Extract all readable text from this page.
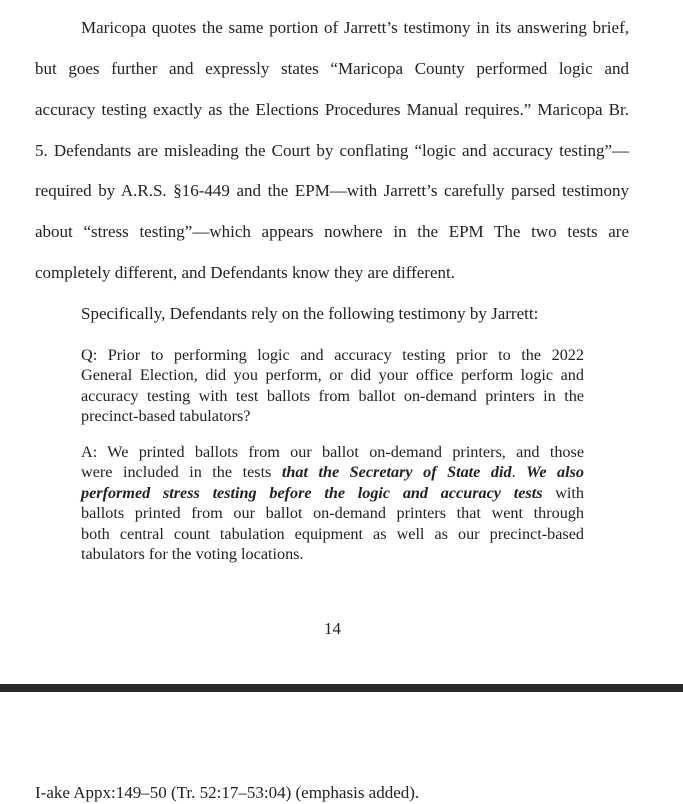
Maricopa quotes the same portion of Jarrett’s testimony in its answering brief,
but goes further and expressly states “Maricopa County performed logic and
accuracy testing exactly as the Elections Procedures Manual requires.” Maricopa Br.
5. Defendants are misleading the Court by conflating “logic and accuracy testing”—
required by A.R.S. §16-449 and the EPM—with Jarrett’s carefully parsed testimony
about “stress testing”—which appears nowhere in the EPM The two tests are
completely different, and Defendants know they are different.
Specifically, Defendants rely on the following testimony by Jarrett:
Q: Prior to performing logic and accuracy testing prior to the 2022
General Election, did you perform, or did your office perform logic and
accuracy testing with test ballots from ballot on-demand printers in the
precinct-based tabulators?
A: We printed ballots from our ballot on-demand printers, and those
were included in the tests that the Secretary of State did. We also
performed stress testing before the logic and accuracy tests with
ballots printed from our ballot on-demand printers that went through
both central count tabulation equipment as well as our precinct-based
tabulators for the voting locations.
14
I-ake Appx:149–50 (Tr. 52:17–53:04) (emphasis added).
